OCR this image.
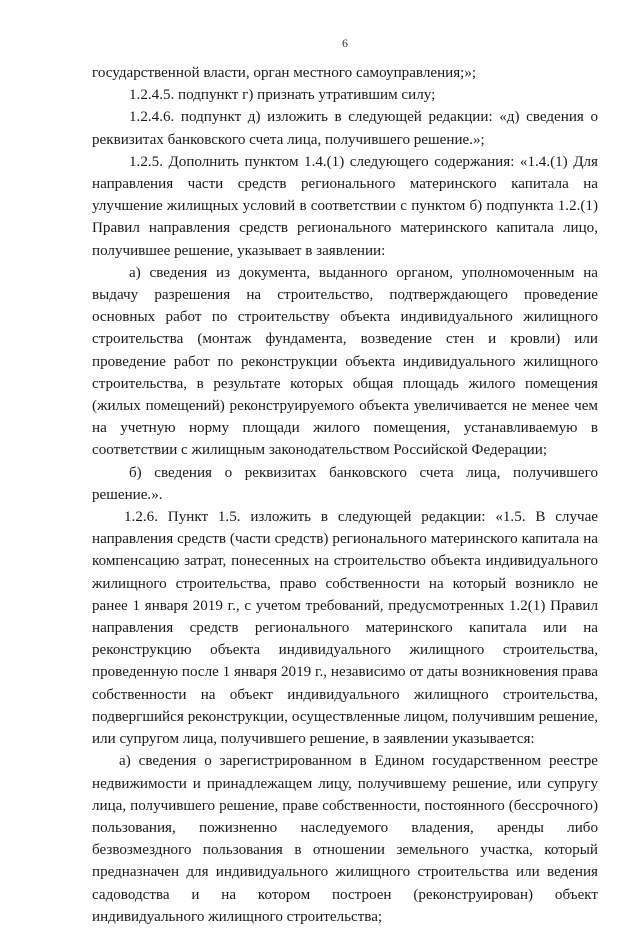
6

государственной власти, орган местного самоуправления;»;

1.2.4.5. подпункт г) признать утратившим силу;

1.2.4.6. подпункт д) изложить в следующей редакции: «д) сведения о реквизитах банковского счета лица, получившего решение.»;

1.2.5. Дополнить пунктом 1.4.(1) следующего содержания: «1.4.(1) Для направления части средств регионального материнского капитала на улучшение жилищных условий в соответствии с пунктом б) подпункта 1.2.(1) Правил направления средств регионального материнского капитала лицо, получившее решение, указывает в заявлении:

а) сведения из документа, выданного органом, уполномоченным на выдачу разрешения на строительство, подтверждающего проведение основных работ по строительству объекта индивидуального жилищного строительства (монтаж фундамента, возведение стен и кровли) или проведение работ по реконструкции объекта индивидуального жилищного строительства, в результате которых общая площадь жилого помещения (жилых помещений) реконструируемого объекта увеличивается не менее чем на учетную норму площади жилого помещения, устанавливаемую в соответствии с жилищным законодательством Российской Федерации;

б) сведения о реквизитах банковского счета лица, получившего решение.».

1.2.6. Пункт 1.5. изложить в следующей редакции: «1.5. В случае направления средств (части средств) регионального материнского капитала на компенсацию затрат, понесенных на строительство объекта индивидуального жилищного строительства, право собственности на который возникло не ранее 1 января 2019 г., с учетом требований, предусмотренных 1.2(1) Правил направления средств регионального материнского капитала или на реконструкцию объекта индивидуального жилищного строительства, проведенную после 1 января 2019 г., независимо от даты возникновения права собственности на объект индивидуального жилищного строительства, подвергшийся реконструкции, осуществленные лицом, получившим решение, или супругом лица, получившего решение, в заявлении указывается:

а) сведения о зарегистрированном в Едином государственном реестре недвижимости и принадлежащем лицу, получившему решение, или супругу лица, получившего решение, праве собственности, постоянного (бессрочного) пользования, пожизненно наследуемого владения, аренды либо безвозмездного пользования в отношении земельного участка, который предназначен для индивидуального жилищного строительства или ведения садоводства и на котором построен (реконструирован) объект индивидуального жилищного строительства;
